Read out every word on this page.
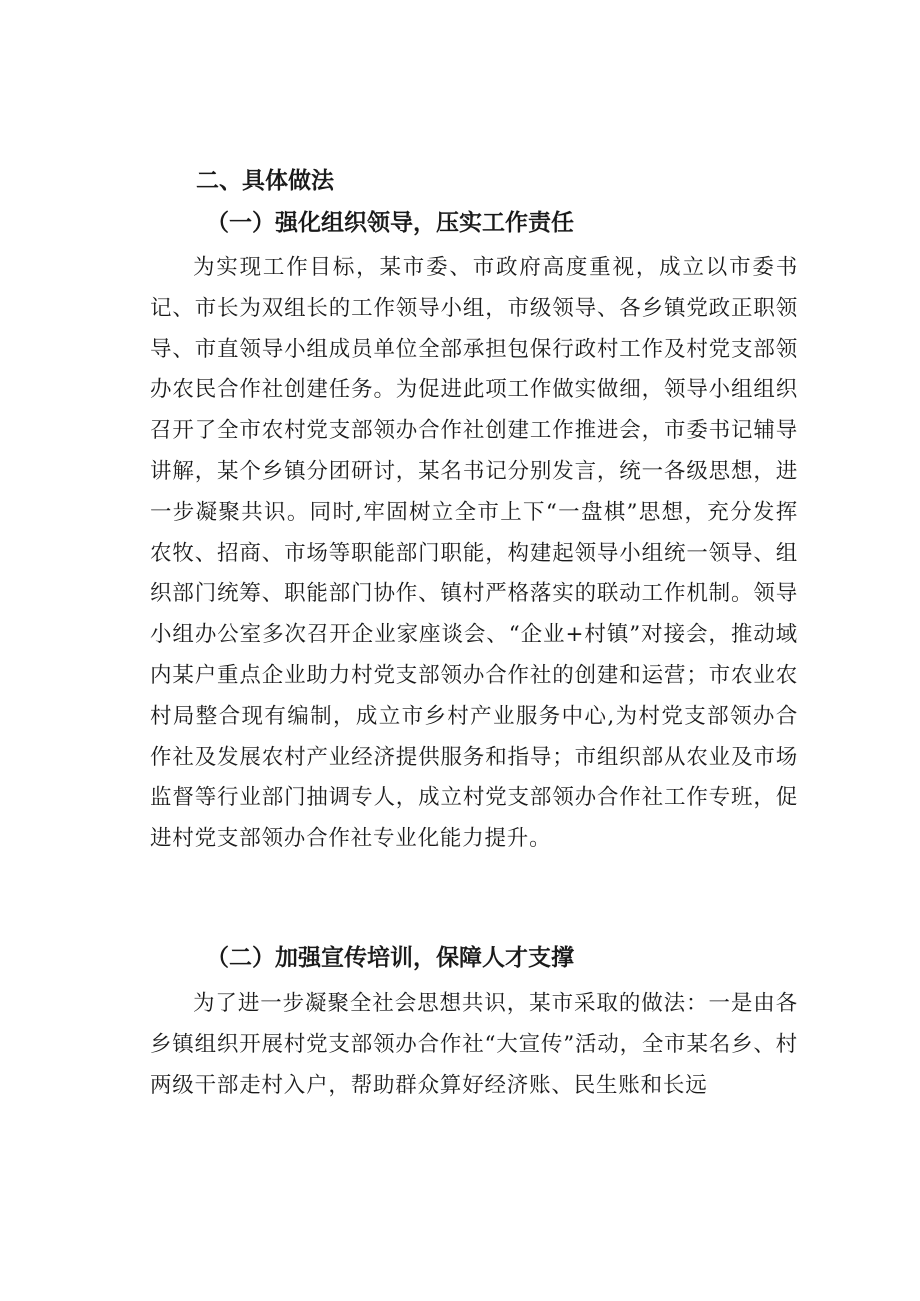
二、具体做法
（一）强化组织领导，压实工作责任

为实现工作目标，某市委、市政府高度重视，成立以市委书记、市长为双组长的工作领导小组，市级领导、各乡镇党政正职领导、市直领导小组成员单位全部承担包保行政村工作及村党支部领办农民合作社创建任务。为促进此项工作做实做细，领导小组组织召开了全市农村党支部领办合作社创建工作推进会，市委书记辅导讲解，某个乡镇分团研讨，某名书记分别发言，统一各级思想，进一步凝聚共识。同时,牢固树立全市上下“一盘棋”思想，充分发挥农牧、招商、市场等职能部门职能，构建起领导小组统一领导、组织部门统筹、职能部门协作、镇村严格落实的联动工作机制。领导小组办公室多次召开企业家座谈会、“企业+村镇”对接会，推动域内某户重点企业助力村党支部领办合作社的创建和运营；市农业农村局整合现有编制，成立市乡村产业服务中心,为村党支部领办合作社及发展农村产业经济提供服务和指导；市组织部从农业及市场监督等行业部门抽调专人，成立村党支部领办合作社工作专班，促进村党支部领办合作社专业化能力提升。

（二）加强宣传培训，保障人才支撑

为了进一步凝聚全社会思想共识，某市采取的做法：一是由各乡镇组织开展村党支部领办合作社“大宣传”活动，全市某名乡、村两级干部走村入户，帮助群众算好经济账、民生账和长远
